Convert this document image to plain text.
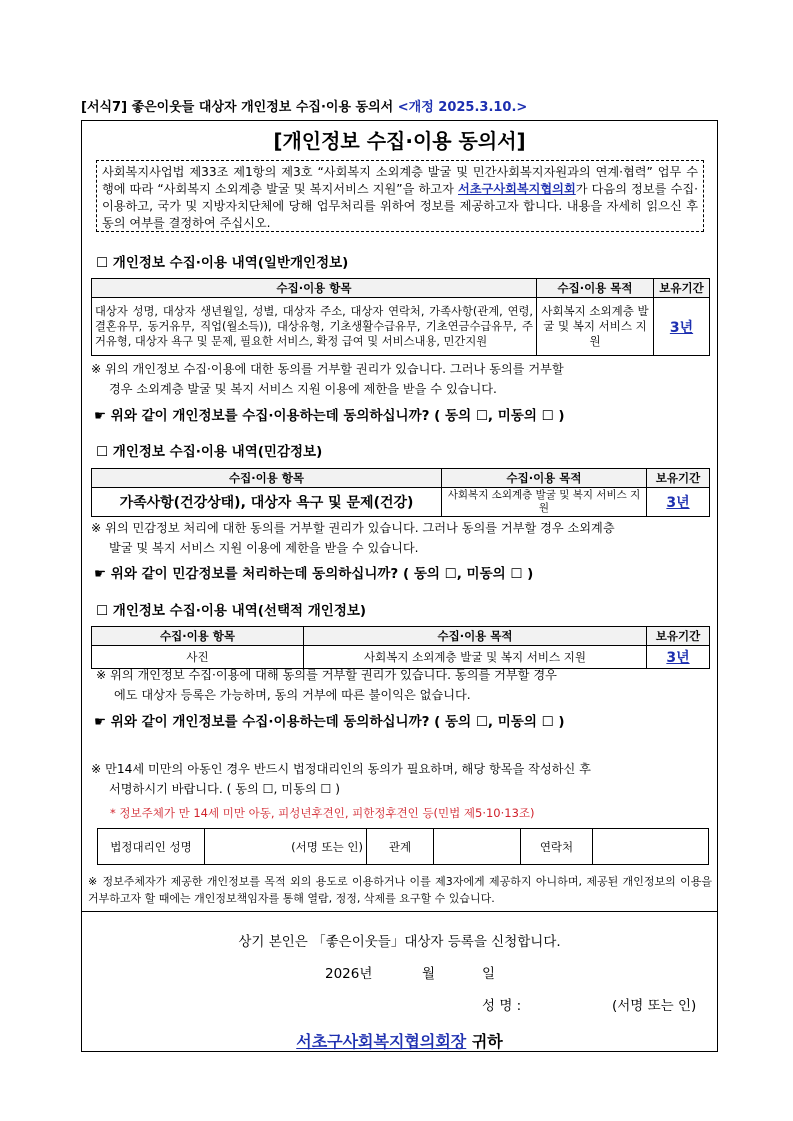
[서식7] 좋은이웃들 대상자 개인정보 수집·이용 동의서 <개정 2025.3.10.>
[개인정보 수집·이용 동의서]
사회복지사업법 제33조 제1항의 제3호 “사회복지 소외계층 발굴 및 민간사회복지자원과의 연계·협력” 업무 수행에 따라 “사회복지 소외계층 발굴 및 복지서비스 지원”을 하고자 서초구사회복지협의회가 다음의 정보를 수집·이용하고, 국가 및 지방자치단체에 당해 업무처리를 위하여 정보를 제공하고자 합니다. 내용을 자세히 읽으신 후 동의 여부를 결정하여 주십시오.
☐ 개인정보 수집·이용 내역(일반개인정보)
수집·이용 항목	수집·이용 목적	보유기간
대상자 성명, 대상자 생년월일, 성별, 대상자 주소, 대상자 연락처, 가족사항(관계, 연령, 결혼유무, 동거유무, 직업(월소득)), 대상유형, 기초생활수급유무, 기초연금수급유무, 주거유형, 대상자 욕구 및 문제, 필요한 서비스, 확정 급여 및 서비스내용, 민간지원	사회복지 소외계층 발굴 및 복지 서비스 지원	3년
※ 위의 개인정보 수집·이용에 대한 동의를 거부할 권리가 있습니다. 그러나 동의를 거부할
경우 소외계층 발굴 및 복지 서비스 지원 이용에 제한을 받을 수 있습니다.
☛ 위와 같이 개인정보를 수집·이용하는데 동의하십니까? ( 동의 ☐, 미동의 ☐ )
☐ 개인정보 수집·이용 내역(민감정보)
수집·이용 항목	수집·이용 목적	보유기간
가족사항(건강상태), 대상자 욕구 및 문제(건강)	사회복지 소외계층 발굴 및 복지 서비스 지원	3년
※ 위의 민감정보 처리에 대한 동의를 거부할 권리가 있습니다. 그러나 동의를 거부할 경우 소외계층
발굴 및 복지 서비스 지원 이용에 제한을 받을 수 있습니다.
☛ 위와 같이 민감정보를 처리하는데 동의하십니까? ( 동의 ☐, 미동의 ☐ )
☐ 개인정보 수집·이용 내역(선택적 개인정보)
수집·이용 항목	수집·이용 목적	보유기간
사진	사회복지 소외계층 발굴 및 복지 서비스 지원	3년
※ 위의 개인정보 수집·이용에 대해 동의를 거부할 권리가 있습니다. 동의를 거부할 경우
에도 대상자 등록은 가능하며, 동의 거부에 따른 불이익은 없습니다.
☛ 위와 같이 개인정보를 수집·이용하는데 동의하십니까? ( 동의 ☐, 미동의 ☐ )
※ 만14세 미만의 아동인 경우 반드시 법정대리인의 동의가 필요하며, 해당 항목을 작성하신 후
서명하시기 바랍니다. ( 동의 ☐, 미동의 ☐ )
* 정보주체가 만 14세 미만 아동, 피성년후견인, 피한정후견인 등(민법 제5·10·13조)
법정대리인 성명	(서명 또는 인)	관계		연락처	
※ 정보주체자가 제공한 개인정보를 목적 외의 용도로 이용하거나 이를 제3자에게 제공하지 아니하며, 제공된 개인정보의 이용을 거부하고자 할 때에는 개인정보책임자를 통해 열람, 정정, 삭제를 요구할 수 있습니다.
상기 본인은 「좋은이웃들」대상자 등록을 신청합니다.
2026년	월	일
성 명 :	(서명 또는 인)
서초구사회복지협의회장 귀하
